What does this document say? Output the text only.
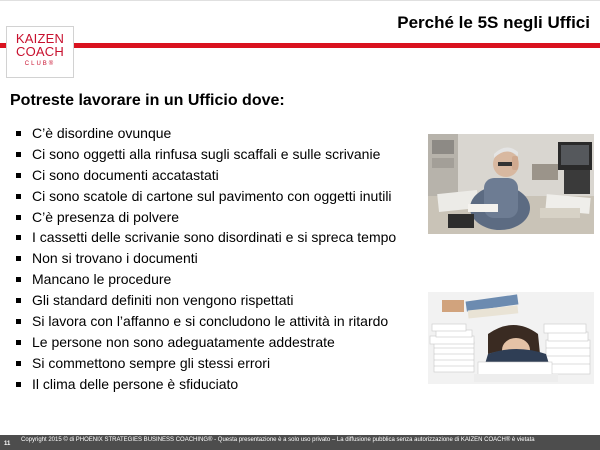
KAIZEN
COACH
CLUB®
Perché le 5S negli Uffici
Potreste lavorare in un Ufficio dove:
C’è disordine ovunque
Ci sono oggetti alla rinfusa sugli scaffali e sulle scrivanie
Ci sono documenti accatastati
Ci sono scatole di cartone sul pavimento con oggetti inutili
C’è presenza di polvere
I cassetti delle scrivanie sono disordinati e si spreca tempo
Non si trovano i documenti
Mancano le procedure
Gli standard definiti non vengono rispettati
Si lavora con l’affanno e si concludono le attività in ritardo
Le persone non sono adeguatamente addestrate
Si commettono sempre gli stessi errori
Il clima delle persone è sfiduciato
11
Copyright 2015 © di PHOENIX STRATEGIES BUSINESS COACHING® - Questa presentazione è a solo uso privato – La diffusione pubblica senza autorizzazione di KAIZEN COACH® è vietata
